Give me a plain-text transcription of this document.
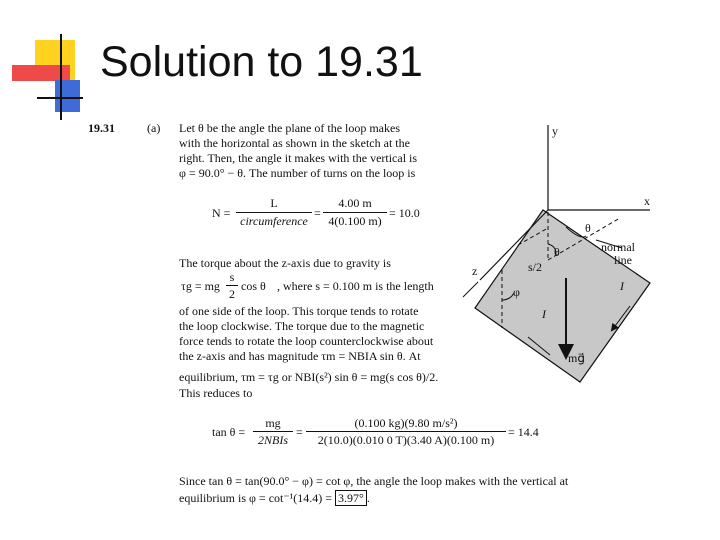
Solution to 19.31
19.31	(a) Let θ be the angle the plane of the loop makes
with the horizontal as shown in the sketch at the
right. Then, the angle it makes with the vertical is
φ = 90.0° − θ. The number of turns on the loop is
N =
L
circumference
=
4.00 m
4(0.100 m)
= 10.0
The torque about the z-axis due to gravity is
τg = mg
s
2
cos θ , where s = 0.100 m is the length
of one side of the loop. This torque tends to rotate
the loop clockwise. The torque due to the magnetic
force tends to rotate the loop counterclockwise about
the z-axis and has magnitude τm = NBIA sin θ. At
equilibrium, τm = τg or NBI(s²) sin θ = mg(s cos θ)/2.
This reduces to
tan θ =
mg
2NBIs
=
(0.100 kg)(9.80 m/s²)
2(10.0)(0.010 0 T)(3.40 A)(0.100 m)
= 14.4
Since tan θ = tan(90.0° − φ) = cot φ, the angle the loop makes with the vertical at
equilibrium is φ = cot⁻¹(14.4) = 3.97° .
y
x
z
θ
θ
s/2
φ
normal
line
I
I
mg⃗
